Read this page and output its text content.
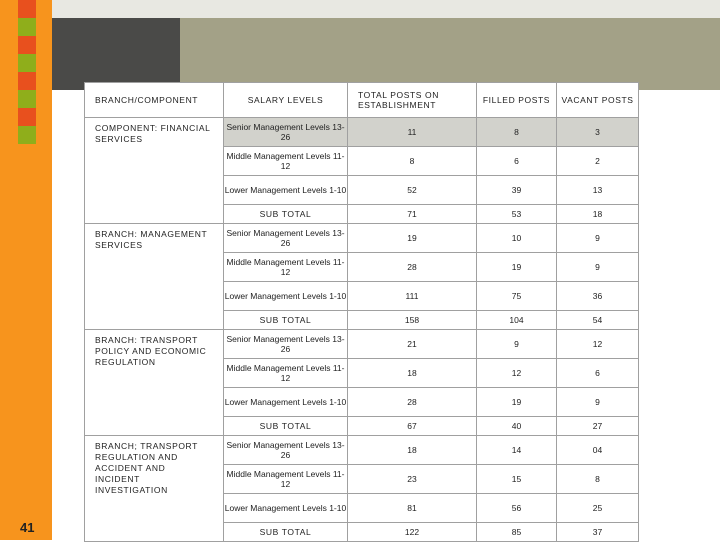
BRANCH/COMPONENT	SALARY LEVELS	TOTAL POSTS ON ESTABLISHMENT	FILLED POSTS	VACANT POSTS
COMPONENT: FINANCIAL SERVICES	Senior Management Levels 13-26	11	8	3
	Middle Management Levels 11-12	8	6	2
	Lower Management Levels 1-10	52	39	13
	SUB TOTAL	71	53	18
BRANCH: MANAGEMENT SERVICES	Senior Management Levels 13-26	19	10	9
	Middle Management Levels 11-12	28	19	9
	Lower Management Levels 1-10	111	75	36
	SUB TOTAL	158	104	54
BRANCH: TRANSPORT POLICY AND ECONOMIC REGULATION	Senior Management Levels 13-26	21	9	12
	Middle Management Levels 11-12	18	12	6
	Lower Management Levels 1-10	28	19	9
	SUB TOTAL	67	40	27
BRANCH; TRANSPORT REGULATION AND ACCIDENT AND INCIDENT INVESTIGATION	Senior Management Levels 13-26	18	14	04
	Middle Management Levels 11-12	23	15	8
	Lower Management Levels 1-10	81	56	25
	SUB TOTAL	122	85	37
41
